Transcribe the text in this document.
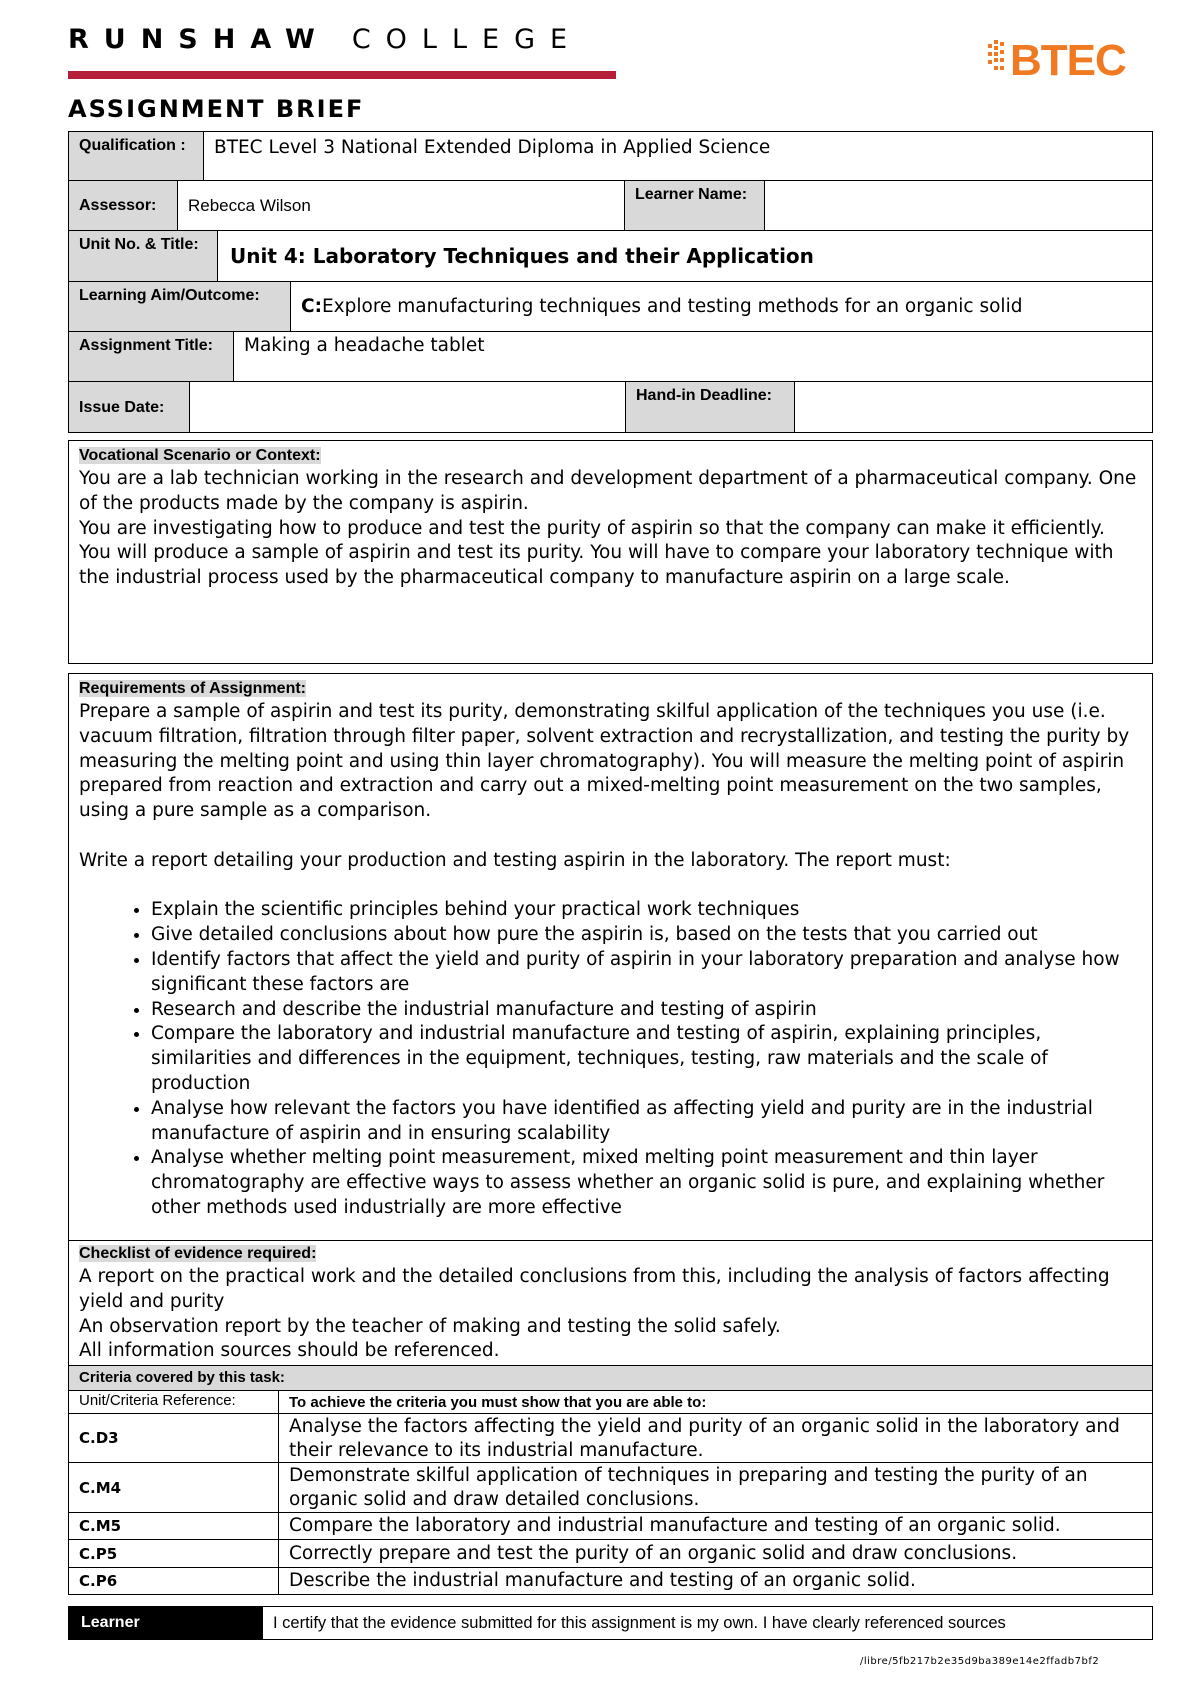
RUNSHAW COLLEGE	BTEC
ASSIGNMENT BRIEF
Qualification :	BTEC Level 3 National Extended Diploma in Applied Science
Assessor: Rebecca Wilson
Learner Name:
Unit No. & Title:	Unit 4: Laboratory Techniques and their Application
Learning Aim/Outcome:
C: Explore manufacturing techniques and testing methods for an organic solid
Assignment Title:	Making a headache tablet
Issue Date:
Hand-in Deadline:
Vocational Scenario or Context:

You are a lab technician working in the research and development department of a pharmaceutical company. One of the products made by the company is aspirin.

You are investigating how to produce and test the purity of aspirin so that the company can make it efficiently.

You will produce a sample of aspirin and test its purity. You will have to compare your laboratory technique with the industrial process used by the pharmaceutical company to manufacture aspirin on a large scale.

Requirements of Assignment:

Prepare a sample of aspirin and test its purity, demonstrating skilful application of the techniques you use (i.e. vacuum filtration, filtration through filter paper, solvent extraction and recrystallization, and testing the purity by measuring the melting point and using thin layer chromatography). You will measure the melting point of aspirin prepared from reaction and extraction and carry out a mixed-melting point measurement on the two samples, using a pure sample as a comparison.

Write a report detailing your production and testing aspirin in the laboratory. The report must:

• Explain the scientific principles behind your practical work techniques
• Give detailed conclusions about how pure the aspirin is, based on the tests that you carried out
• Identify factors that affect the yield and purity of aspirin in your laboratory preparation and analyse how significant these factors are
• Research and describe the industrial manufacture and testing of aspirin
• Compare the laboratory and industrial manufacture and testing of aspirin, explaining principles, similarities and differences in the equipment, techniques, testing, raw materials and the scale of production
• Analyse how relevant the factors you have identified as affecting yield and purity are in the industrial manufacture of aspirin and in ensuring scalability
• Analyse whether melting point measurement, mixed melting point measurement and thin layer chromatography are effective ways to assess whether an organic solid is pure, and explaining whether other methods used industrially are more effective
Checklist of evidence required:

A report on the practical work and the detailed conclusions from this, including the analysis of factors affecting yield and purity

An observation report by the teacher of making and testing the solid safely.

All information sources should be referenced.

Criteria covered by this task:
Unit/Criteria Reference:	To achieve the criteria you must show that you are able to:
C.D3
Analyse the factors affecting the yield and purity of an organic solid in the laboratory and their relevance to its industrial manufacture.
C.M4
Demonstrate skilful application of techniques in preparing and testing the purity of an organic solid and draw detailed conclusions.
C.M5	Compare the laboratory and industrial manufacture and testing of an organic solid.
C.P5	Correctly prepare and test the purity of an organic solid and draw conclusions.
C.P6	Describe the industrial manufacture and testing of an organic solid.
Learner	I certify that the evidence submitted for this assignment is my own. I have clearly referenced sources
/libre/5fb217b2e35d9ba389e14e2ffadb7bf2
